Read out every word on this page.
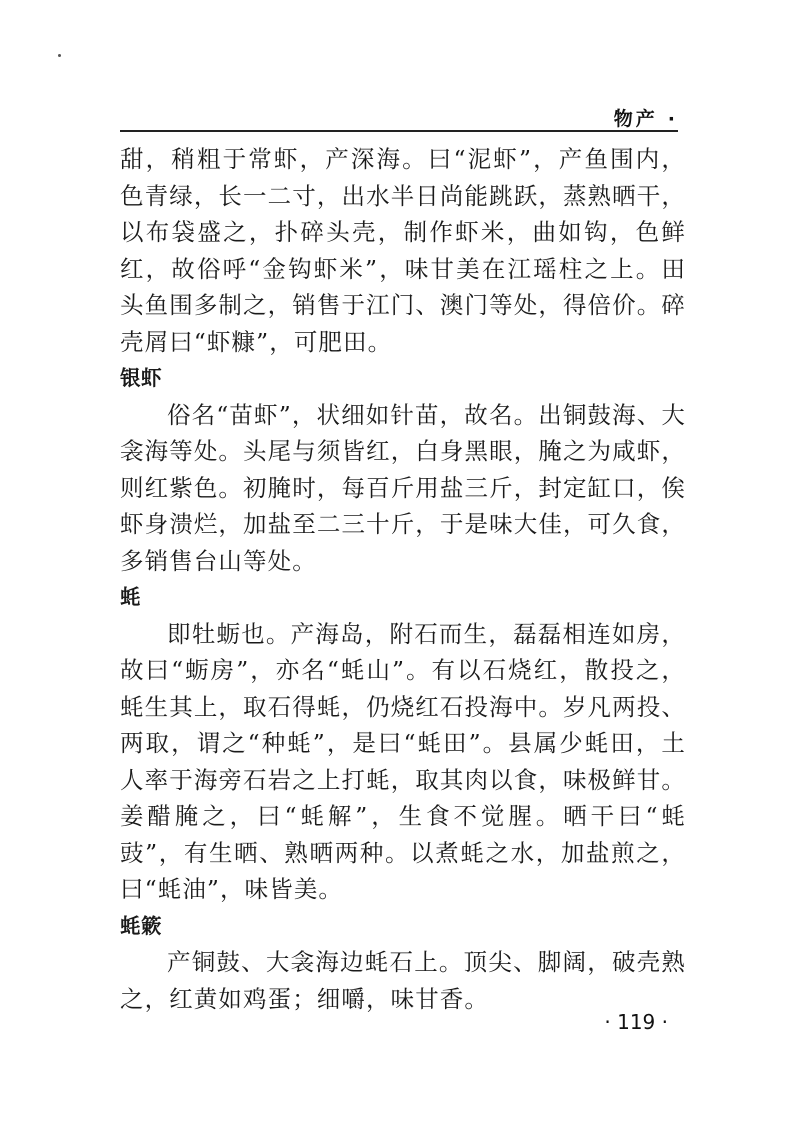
物产 ·

甜，稍粗于常虾，产深海。曰“泥虾”，产鱼围内，色青绿，长一二寸，出水半日尚能跳跃，蒸熟晒干，以布袋盛之，扑碎头壳，制作虾米，曲如钩，色鲜红，故俗呼“金钩虾米”，味甘美在江瑶柱之上。田头鱼围多制之，销售于江门、澳门等处，得倍价。碎壳屑曰“虾糠”，可肥田。

银虾

俗名“苗虾”，状细如针苗，故名。出铜鼓海、大衾海等处。头尾与须皆红，白身黑眼，腌之为咸虾，则红紫色。初腌时，每百斤用盐三斤，封定缸口，俟虾身溃烂，加盐至二三十斤，于是味大佳，可久食，多销售台山等处。

蚝

即牡蛎也。产海岛，附石而生，磊磊相连如房，故曰“蛎房”，亦名“蚝山”。有以石烧红，散投之，蚝生其上，取石得蚝，仍烧红石投海中。岁凡两投、两取，谓之“种蚝”，是曰“蚝田”。县属少蚝田，土人率于海旁石岩之上打蚝，取其肉以食，味极鲜甘。姜醋腌之，曰“蚝解”，生食不觉腥。晒干曰“蚝豉”，有生晒、熟晒两种。以煮蚝之水，加盐煎之，曰“蚝油”，味皆美。

蚝簌

产铜鼓、大衾海边蚝石上。顶尖、脚阔，破壳熟之，红黄如鸡蛋；细嚼，味甘香。

· 119 ·
